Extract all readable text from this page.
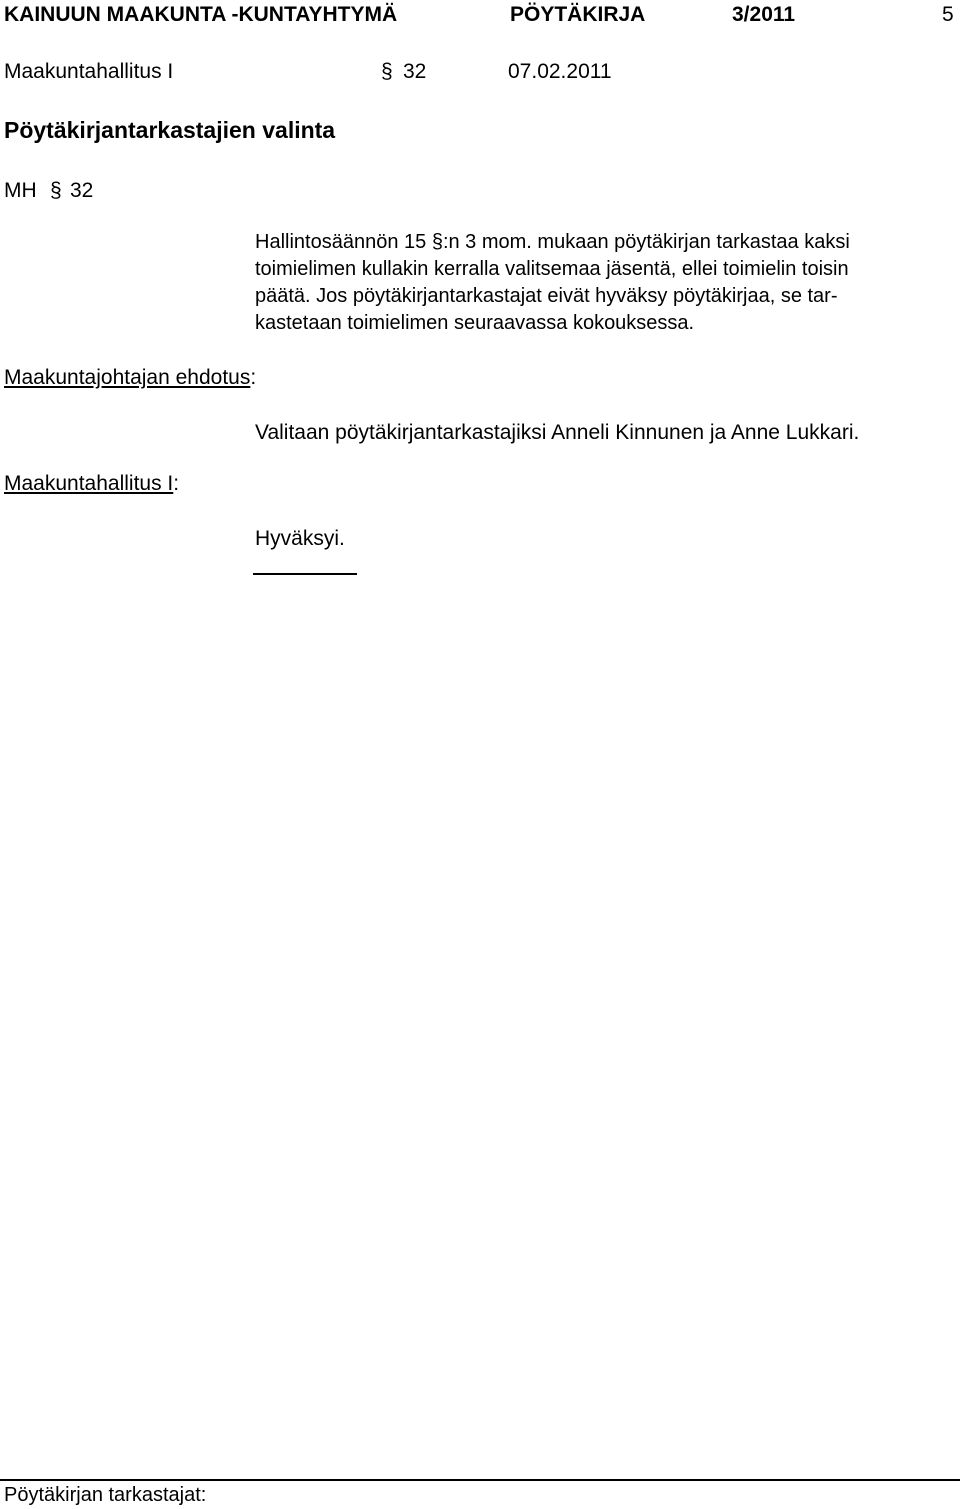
KAINUUN MAAKUNTA -KUNTAYHTYMÄ	PÖYTÄKIRJA	3/2011	5
Maakuntahallitus I	§ 32	07.02.2011
Pöytäkirjantarkastajien valinta
MH § 32
Hallintosäännön 15 §:n 3 mom. mukaan pöytäkirjan tarkastaa kaksi
toimielimen kullakin kerralla valitsemaa jäsentä, ellei toimielin toisin
päätä. Jos pöytäkirjantarkastajat eivät hyväksy pöytäkirjaa, se tar-
kastetaan toimielimen seuraavassa kokouksessa.
Maakuntajohtajan ehdotus:
Valitaan pöytäkirjantarkastajiksi Anneli Kinnunen ja Anne Lukkari.
Maakuntahallitus I:
Hyväksyi.
Pöytäkirjan tarkastajat:
